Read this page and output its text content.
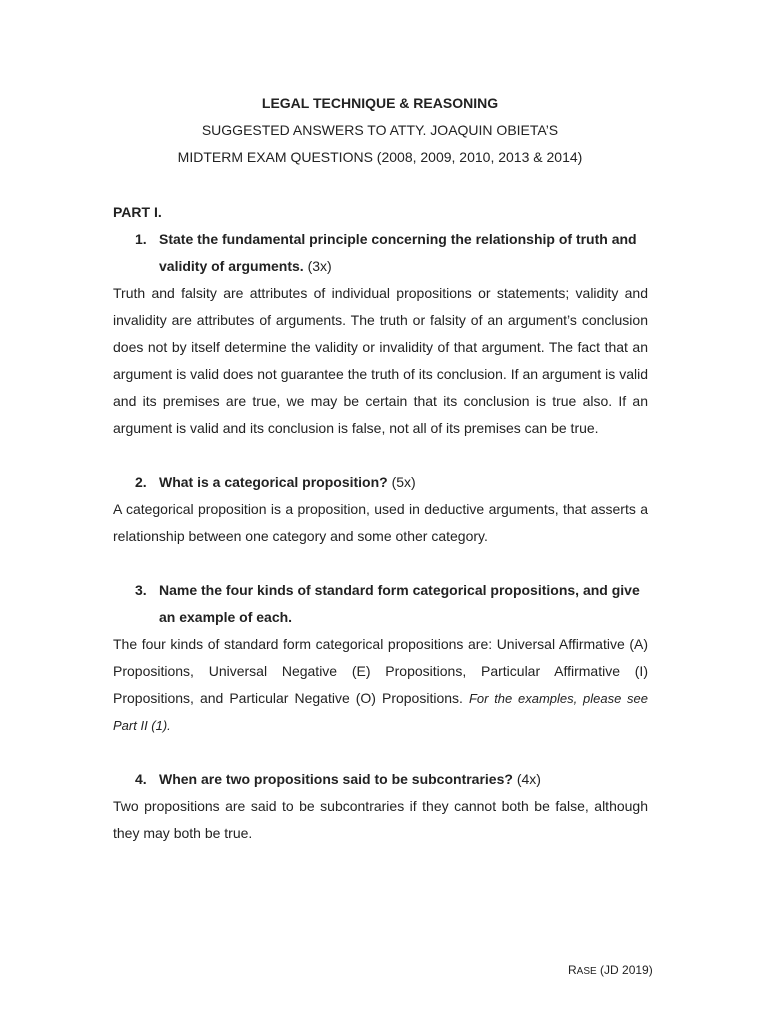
LEGAL TECHNIQUE & REASONING
SUGGESTED ANSWERS TO ATTY. JOAQUIN OBIETA’S
MIDTERM EXAM QUESTIONS (2008, 2009, 2010, 2013 & 2014)
PART I.
1. State the fundamental principle concerning the relationship of truth and validity of arguments. (3x)
Truth and falsity are attributes of individual propositions or statements; validity and invalidity are attributes of arguments. The truth or falsity of an argument’s conclusion does not by itself determine the validity or invalidity of that argument. The fact that an argument is valid does not guarantee the truth of its conclusion. If an argument is valid and its premises are true, we may be certain that its conclusion is true also. If an argument is valid and its conclusion is false, not all of its premises can be true.
2. What is a categorical proposition? (5x)
A categorical proposition is a proposition, used in deductive arguments, that asserts a relationship between one category and some other category.
3. Name the four kinds of standard form categorical propositions, and give an example of each.
The four kinds of standard form categorical propositions are: Universal Affirmative (A) Propositions, Universal Negative (E) Propositions, Particular Affirmative (I) Propositions, and Particular Negative (O) Propositions. For the examples, please see Part II (1).
4. When are two propositions said to be subcontraries? (4x)
Two propositions are said to be subcontraries if they cannot both be false, although they may both be true.
RASE (JD 2019)
